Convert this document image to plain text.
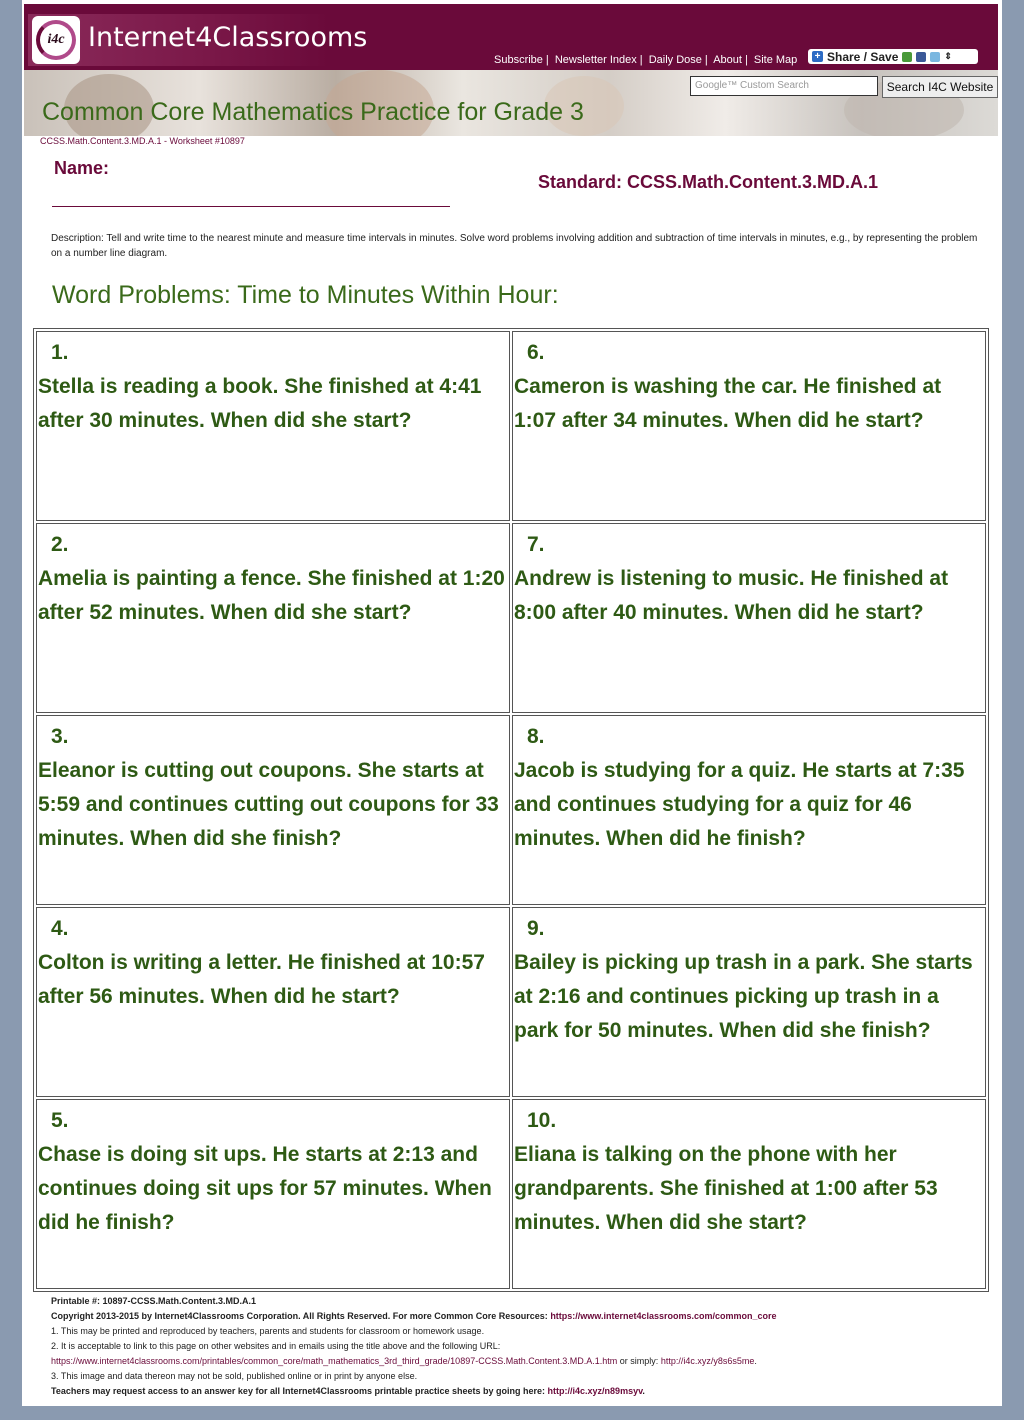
i4c Internet4Classrooms
Subscribe | Newsletter Index | Daily Dose | About | Site Map + Share / Save	⇕
Google™ Custom Search	Search I4C Website
Common Core Mathematics Practice for Grade 3
CCSS.Math.Content.3.MD.A.1 - Worksheet #10897
Name:
Standard: CCSS.Math.Content.3.MD.A.1
Description: Tell and write time to the nearest minute and measure time intervals in minutes. Solve word problems involving addition and subtraction of time intervals in minutes, e.g., by representing the problem on a number line diagram.
Word Problems: Time to Minutes Within Hour:
1.
Stella is reading a book. She finished at 4:41 after 30 minutes. When did she start?
2.
Amelia is painting a fence. She finished at 1:20 after 52 minutes. When did she start?
3.
Eleanor is cutting out coupons. She starts at 5:59 and continues cutting out coupons for 33 minutes. When did she finish?
4.
Colton is writing a letter. He finished at 10:57 after 56 minutes. When did he start?
5.
Chase is doing sit ups. He starts at 2:13 and continues doing sit ups for 57 minutes. When did he finish?
6.
Cameron is washing the car. He finished at 1:07 after 34 minutes. When did he start?
7.
Andrew is listening to music. He finished at 8:00 after 40 minutes. When did he start?
8.
Jacob is studying for a quiz. He starts at 7:35 and continues studying for a quiz for 46 minutes. When did he finish?
9.
Bailey is picking up trash in a park. She starts at 2:16 and continues picking up trash in a park for 50 minutes. When did she finish?
10.
Eliana is talking on the phone with her grandparents. She finished at 1:00 after 53 minutes. When did she start?
Printable #: 10897-CCSS.Math.Content.3.MD.A.1
Copyright 2013-2015 by Internet4Classrooms Corporation. All Rights Reserved. For more Common Core Resources: https://www.internet4classrooms.com/common_core
1. This may be printed and reproduced by teachers, parents and students for classroom or homework usage.
2. It is acceptable to link to this page on other websites and in emails using the title above and the following URL:
https://www.internet4classrooms.com/printables/common_core/math_mathematics_3rd_third_grade/10897-CCSS.Math.Content.3.MD.A.1.htm or simply: http://i4c.xyz/y8s6s5me.
3. This image and data thereon may not be sold, published online or in print by anyone else.
Teachers may request access to an answer key for all Internet4Classrooms printable practice sheets by going here: http://i4c.xyz/n89msyv.
